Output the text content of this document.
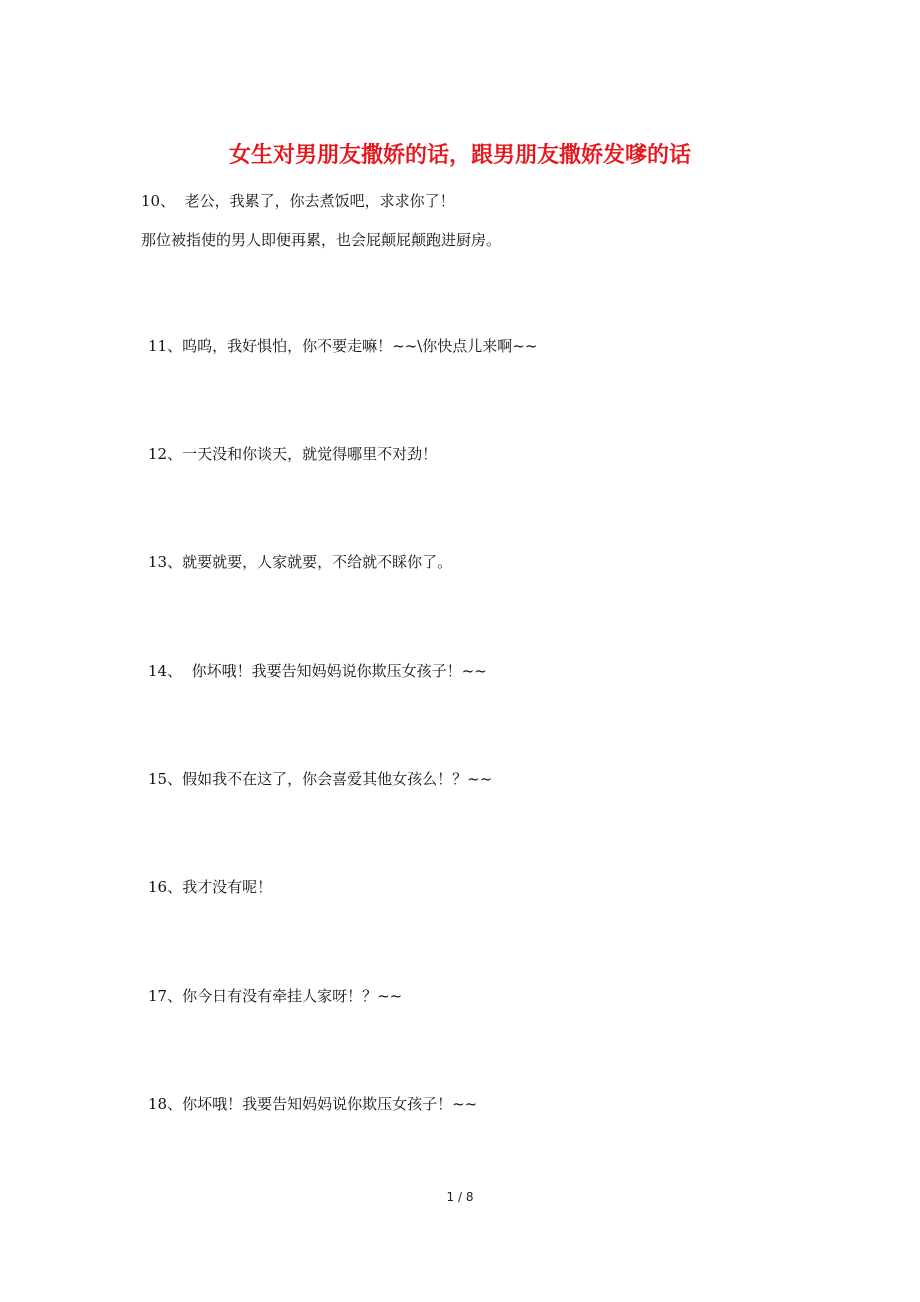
女生对男朋友撒娇的话，跟男朋友撒娇发嗲的话
10、  老公，我累了，你去煮饭吧，求求你了！
那位被指使的男人即便再累，也会屁颠屁颠跑进厨房。
11、呜呜，我好惧怕，你不要走嘛！~~\你快点儿来啊~~
12、一天没和你谈天，就觉得哪里不对劲！
13、就要就要，人家就要，不给就不睬你了。
14、  你坏哦！我要告知妈妈说你欺压女孩子！~~
15、假如我不在这了，你会喜爱其他女孩么！？~~
16、我才没有呢！
17、你今日有没有牵挂人家呀！？~~
18、你坏哦！我要告知妈妈说你欺压女孩子！~~
1 / 8
